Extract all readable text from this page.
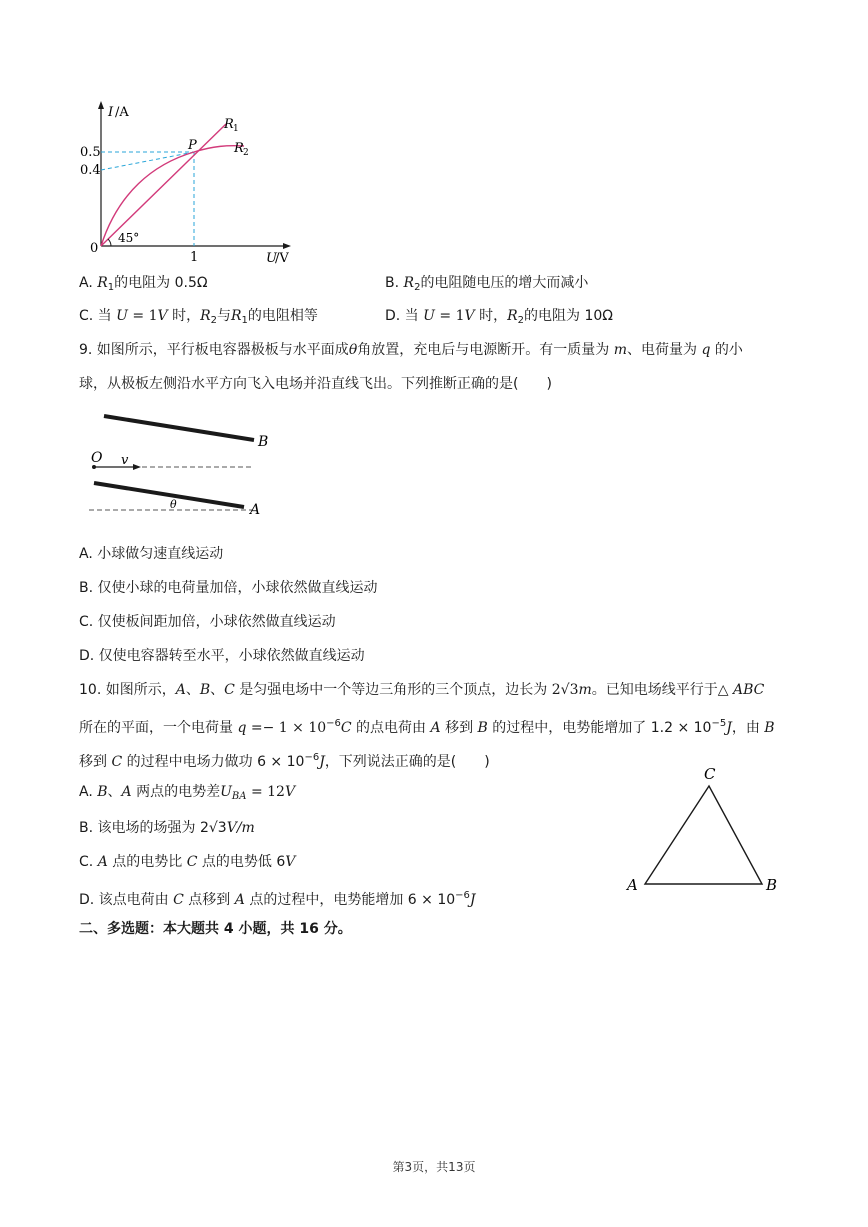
I /A
0.5
0.4
0
45°
1	U
/V
P
R 1
R 2
A. $R_1$的电阻为 0.5Ω	B. $R_2$的电阻随电压的增大而减小
C. 当 U = 1V 时，$R_2$与$R_1$的电阻相等	D. 当 U = 1V 时，$R_2$的电阻为 10Ω
9. 如图所示，平行板电容器极板与水平面成θ角放置，充电后与电源断开。有一质量为 m、电荷量为 q 的小
球，从极板左侧沿水平方向飞入电场并沿直线飞出。下列推断正确的是(　　)
B
A
O v
θ
A. 小球做匀速直线运动
B. 仅使小球的电荷量加倍，小球依然做直线运动
C. 仅使板间距加倍，小球依然做直线运动
D. 仅使电容器转至水平，小球依然做直线运动
10. 如图所示，A、B、C 是匀强电场中一个等边三角形的三个顶点，边长为 2√3m。已知电场线平行于△ ABC
所在的平面，一个电荷量 $q =- 1 \times 10^{-6}C$ 的点电荷由 A 移到 B 的过程中，电势能增加了 $1.2 \times 10^{-5}J$，由 B
移到 C 的过程中电场力做功 $6 \times 10^{-6}J$，下列说法正确的是(　　)
A. B、A 两点的电势差$U_{BA} = 12V$
B. 该电场的场强为 2√3V/m
C. A 点的电势比 C 点的电势低 6V
D. 该点电荷由 C 点移到 A 点的过程中，电势能增加 $6 \times 10^{-6}J$
C
A	B
二、多选题：本大题共 4 小题，共 16 分。
第3页，共13页
